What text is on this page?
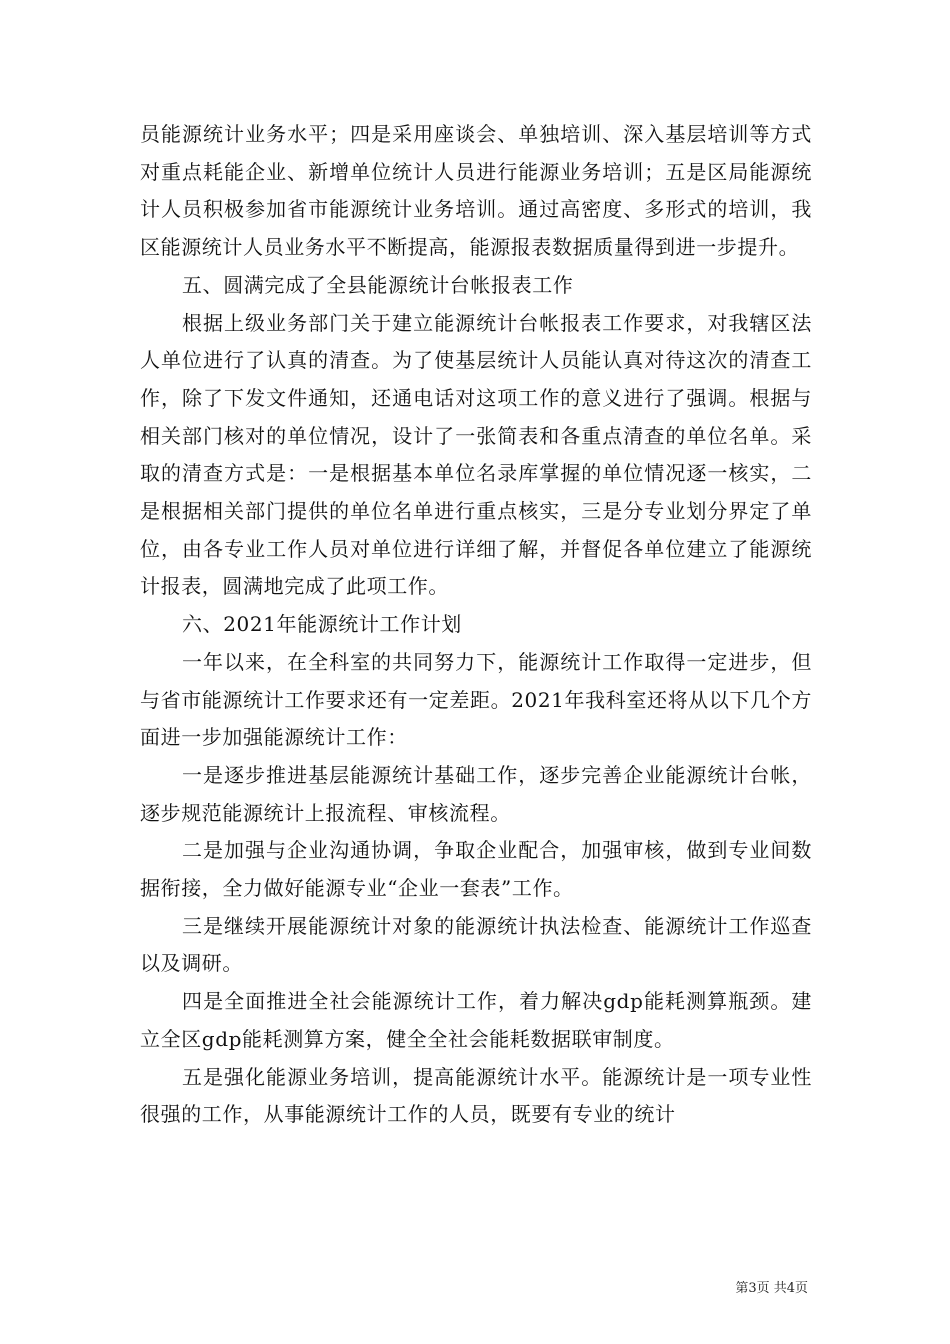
员能源统计业务水平；四是采用座谈会、单独培训、深入基层培训等方式对重点耗能企业、新增单位统计人员进行能源业务培训；五是区局能源统计人员积极参加省市能源统计业务培训。通过高密度、多形式的培训，我区能源统计人员业务水平不断提高，能源报表数据质量得到进一步提升。

五、圆满完成了全县能源统计台帐报表工作

根据上级业务部门关于建立能源统计台帐报表工作要求，对我辖区法人单位进行了认真的清查。为了使基层统计人员能认真对待这次的清查工作，除了下发文件通知，还通电话对这项工作的意义进行了强调。根据与相关部门核对的单位情况，设计了一张简表和各重点清查的单位名单。采取的清查方式是：一是根据基本单位名录库掌握的单位情况逐一核实，二是根据相关部门提供的单位名单进行重点核实，三是分专业划分界定了单位，由各专业工作人员对单位进行详细了解，并督促各单位建立了能源统计报表，圆满地完成了此项工作。

六、2021年能源统计工作计划

一年以来，在全科室的共同努力下，能源统计工作取得一定进步，但与省市能源统计工作要求还有一定差距。2021年我科室还将从以下几个方面进一步加强能源统计工作：

一是逐步推进基层能源统计基础工作，逐步完善企业能源统计台帐，逐步规范能源统计上报流程、审核流程。

二是加强与企业沟通协调，争取企业配合，加强审核，做到专业间数据衔接，全力做好能源专业“企业一套表”工作。

三是继续开展能源统计对象的能源统计执法检查、能源统计工作巡查以及调研。

四是全面推进全社会能源统计工作，着力解决gdp能耗测算瓶颈。建立全区gdp能耗测算方案，健全全社会能耗数据联审制度。

五是强化能源业务培训，提高能源统计水平。能源统计是一项专业性很强的工作，从事能源统计工作的人员，既要有专业的统计

第3页 共4页
